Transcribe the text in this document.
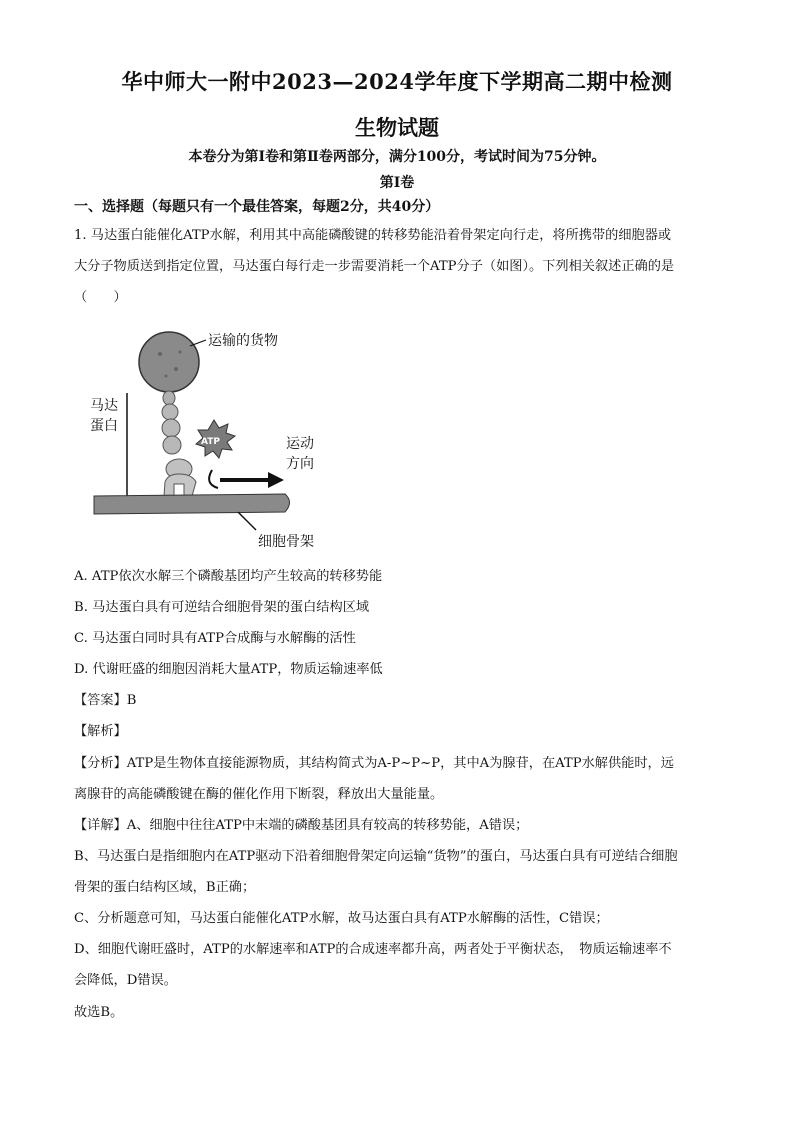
华中师大一附中2023—2024学年度下学期高二期中检测
生物试题
本卷分为第Ⅰ卷和第Ⅱ卷两部分，满分100分，考试时间为75分钟。
第Ⅰ卷
一、选择题（每题只有一个最佳答案，每题2分，共40分）
1. 马达蛋白能催化ATP水解，利用其中高能磷酸键的转移势能沿着骨架定向行走，将所携带的细胞器或
大分子物质送到指定位置，马达蛋白每行走一步需要消耗一个ATP分子（如图）。下列相关叙述正确的是
（　　）
运输的货物
马达
蛋白
ATP	运动
方向
细胞骨架
A. ATP依次水解三个磷酸基团均产生较高的转移势能
B. 马达蛋白具有可逆结合细胞骨架的蛋白结构区域
C. 马达蛋白同时具有ATP合成酶与水解酶的活性
D. 代谢旺盛的细胞因消耗大量ATP，物质运输速率低
【答案】B
【解析】
【分析】ATP是生物体直接能源物质，其结构简式为A-P~P~P，其中A为腺苷，在ATP水解供能时，远
离腺苷的高能磷酸键在酶的催化作用下断裂，释放出大量能量。
【详解】A、细胞中往往ATP中末端的磷酸基团具有较高的转移势能，A错误；
B、马达蛋白是指细胞内在ATP驱动下沿着细胞骨架定向运输“货物”的蛋白，马达蛋白具有可逆结合细胞
骨架的蛋白结构区域，B正确；
C、分析题意可知，马达蛋白能催化ATP水解，故马达蛋白具有ATP水解酶的活性，C错误；
D、细胞代谢旺盛时，ATP的水解速率和ATP的合成速率都升高，两者处于平衡状态，　物质运输速率不
会降低，D错误。
故选B。
